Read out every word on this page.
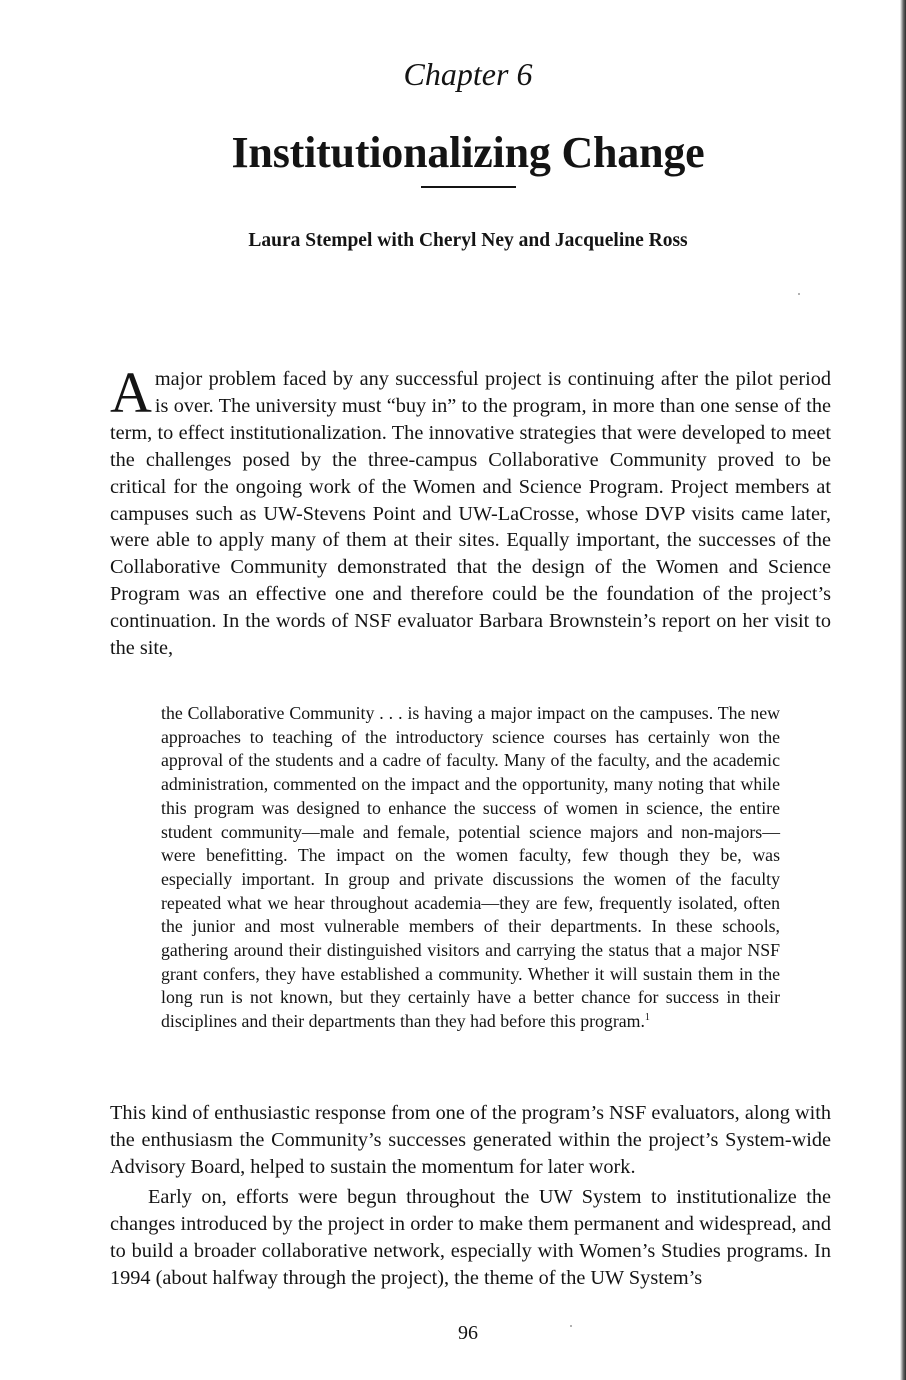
Chapter 6
Institutionalizing Change
Laura Stempel with Cheryl Ney and Jacqueline Ross

Amajor problem faced by any successful project is continuing after the pilot period is over. The university must “buy in” to the program, in more than one sense of the term, to effect institutionalization. The innovative strategies that were developed to meet the challenges posed by the three-campus Collaborative Community proved to be critical for the ongoing work of the Women and Science Program. Project members at campuses such as UW-Stevens Point and UW-LaCrosse, whose DVP visits came later, were able to apply many of them at their sites. Equally important, the successes of the Collaborative Community demonstrated that the design of the Women and Science Program was an effective one and therefore could be the foundation of the project’s continuation. In the words of NSF evaluator Barbara Brownstein’s report on her visit to the site,

the Collaborative Community . . . is having a major impact on the campuses. The new approaches to teaching of the introductory science courses has certainly won the approval of the students and a cadre of faculty. Many of the faculty, and the academic administration, commented on the impact and the opportunity, many noting that while this program was designed to enhance the success of women in science, the entire student community—male and female, potential science majors and non-majors—were benefitting. The impact on the women faculty, few though they be, was especially important. In group and private discussions the women of the faculty repeated what we hear throughout academia—they are few, frequently isolated, often the junior and most vulnerable members of their departments. In these schools, gathering around their distinguished visitors and carrying the status that a major NSF grant confers, they have established a community. Whether it will sustain them in the long run is not known, but they certainly have a better chance for success in their disciplines and their departments than they had before this program.$^1$

This kind of enthusiastic response from one of the program’s NSF evaluators, along with the enthusiasm the Community’s successes generated within the project’s System-wide Advisory Board, helped to sustain the momentum for later work.

Early on, efforts were begun throughout the UW System to institutionalize the changes introduced by the project in order to make them permanent and widespread, and to build a broader collaborative network, especially with Women’s Studies programs. In 1994 (about halfway through the project), the theme of the UW System’s

96
